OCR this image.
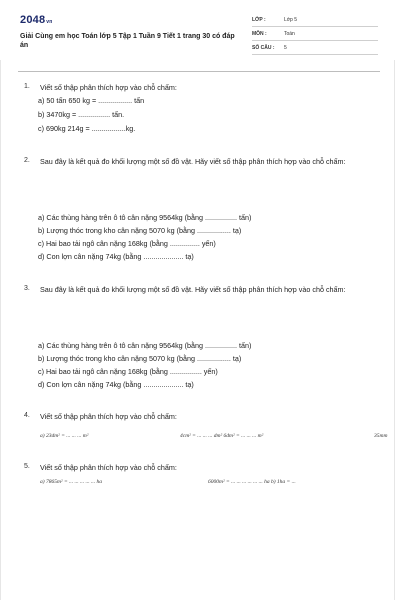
2048vn
Giải Cùng em học Toán lớp 5 Tập 1 Tuần 9 Tiết 1 trang 30 có đáp án
LỚP :	Lớp 5
MÔN :	Toán
SỐ CÂU : 5
1. Viết số thập phân thích hợp vào chỗ chấm:
a) 50 tấn 650 kg = ................. tấn
b) 3470kg = ................ tấn.
c) 690kg 214g = .................kg.
2. Sau đây là kết quả đo khối lượng một số đồ vật. Hãy viết số thập phân thích hợp vào chỗ chấm:
a) Các thùng hàng trên ô tô cân nặng 9564kg (bằng ................ tấn)
b) Lượng thóc trong kho cân nặng 5070 kg (bằng ................. tạ)
c) Hai bao tải ngô cân nặng 168kg (bằng ............... yến)
d) Con lợn cân nặng 74kg (bằng .................... tạ)
3. Sau đây là kết quả đo khối lượng một số đồ vật. Hãy viết số thập phân thích hợp vào chỗ chấm:
a) Các thùng hàng trên ô tô cân nặng 9564kg (bằng ................ tấn)
b) Lượng thóc trong kho cân nặng 5070 kg (bằng ................. tạ)
c) Hai bao tải ngô cân nặng 168kg (bằng ................ yến)
d) Con lợn cân nặng 74kg (bằng .................... tạ)
4. Viết số thập phân thích hợp vào chỗ chấm:
a) 23dm² = ... ... ... m²	4cm² = ... ... ... dm² 6dm² = ... ... ... m²	35mm
5. Viết số thập phân thích hợp vào chỗ chấm:
a) 7865m² = ... ... ... ... ... ha	6000m² = ... ... ... ... ... ... ha b) 1ha = ...
